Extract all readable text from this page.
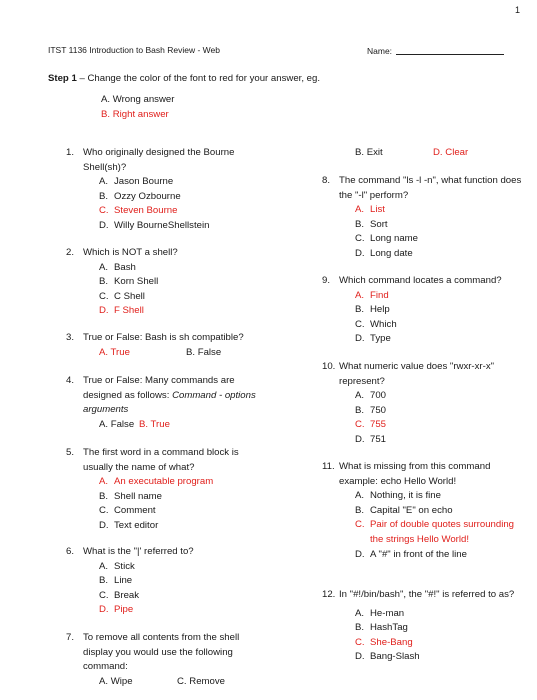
1
ITST 1136 Introduction to Bash Review - Web	Name:
Step 1 – Change the color of the font to red for your answer, eg.
A. Wrong answer
B. Right answer
1. Who originally designed the Bourne Shell(sh)?
A. Jason Bourne
B. Ozzy Ozbourne
C. Steven Bourne
D. Willy BourneShellstein
2. Which is NOT a shell?
A. Bash
B. Korn Shell
C. C Shell
D. F Shell
3. True or False: Bash is sh compatible?
A. True	B. False
4. True or False: Many commands are designed as follows: Command - options arguments
A. False B. True
5. The first word in a command block is usually the name of what?
A. An executable program
B. Shell name
C. Comment
D. Text editor
6. What is the "|' referred to?
A. Stick
B. Line
C. Break
D. Pipe
7. To remove all contents from the shell display you would use the following command:
A. Wipe	C. Remove
B. Exit	D. Clear
8. The command "ls -l -n", what function does the "-l" perform?
A. List
B. Sort
C. Long name
D. Long date
9. Which command locates a command?
A. Find
B. Help
C. Which
D. Type
10. What numeric value does "rwxr-xr-x" represent?
A. 700
B. 750
C. 755
D. 751
11. What is missing from this command example: echo Hello World!
A. Nothing, it is fine
B. Capital "E" on echo
C. Pair of double quotes surrounding the strings Hello World!
D. A "#" in front of the line
12. In "#!/bin/bash", the "#!" is referred to as?
A. He-man
B. HashTag
C. She-Bang
D. Bang-Slash
